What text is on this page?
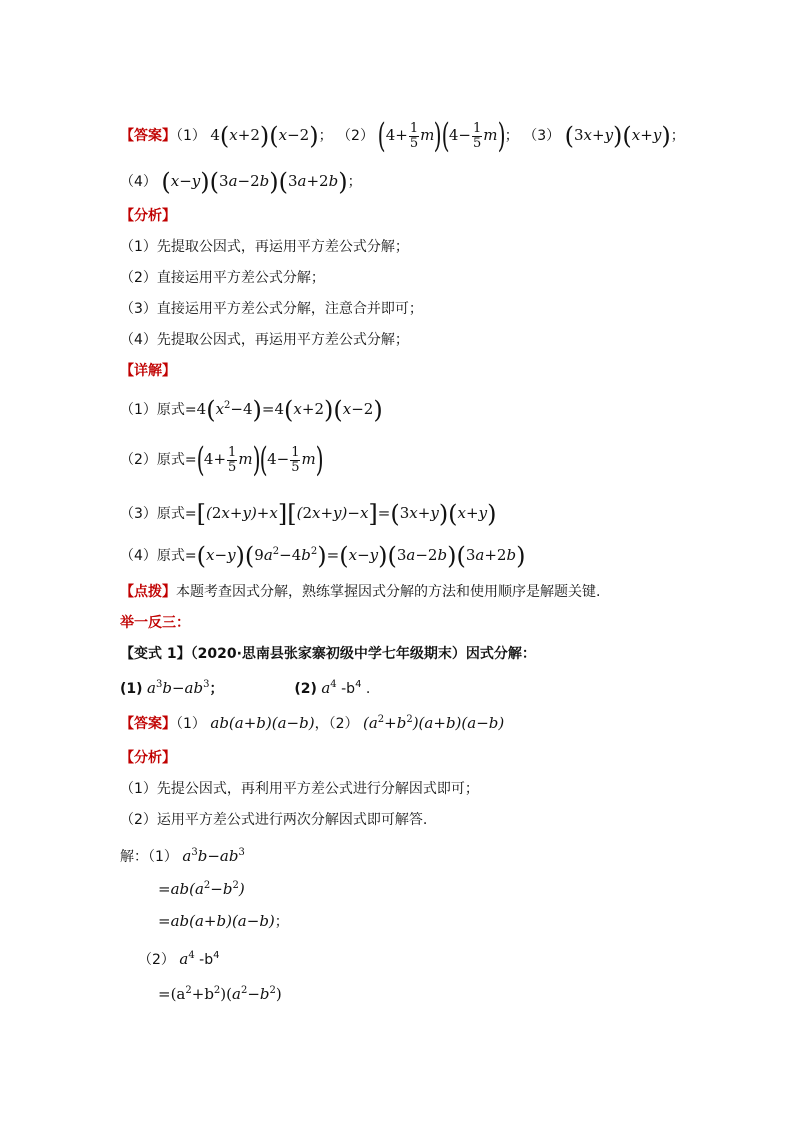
【答案】（1） 4(x+2)(x−2)； （2） $(4+ \frac{1}{5} m)(4- \frac{1}{5} m)$； （3） (3x+y)(x+y)；
（4） (x−y)(3a−2b)(3a+2b)；
【分析】
（1）先提取公因式，再运用平方差公式分解；
（2）直接运用平方差公式分解；
（3）直接运用平方差公式分解，注意合并即可；
（4）先提取公因式，再运用平方差公式分解；
【详解】
（1）原式$=4(x^2-4)=4(x+2)(x-2)$
（2）原式$=(4+ \frac{1}{5} m)(4- \frac{1}{5} m)$
（3）原式=[(2x+y)+x][(2x+y)−x]=(3x+y)(x+y)
（4）原式$=(x-y)(9a^2-4b^2)=(x-y)(3a-2b)(3a+2b)$
【点拨】本题考查因式分解，熟练掌握因式分解的方法和使用顺序是解题关键.
举一反三：
【变式 1】（2020·思南县张家寨初级中学七年级期末）因式分解：
(1) $a^3b-ab^3$；	(2) $a^4$ $-b^4$ .
【答案】（1） ab(a+b)(a−b)，（2） $(a^2+b^2)(a+b)(a-b)$
【分析】
（1）先提公因式，再利用平方差公式进行分解因式即可；
（2）运用平方差公式进行两次分解因式即可解答.
解：（1） $a^3b-ab^3$
$=ab(a^2-b^2)$
=ab(a+b)(a−b)；
（2） $a^4$ $-b^4$
$=(a^2+b^2)(a^2-b^2)$
